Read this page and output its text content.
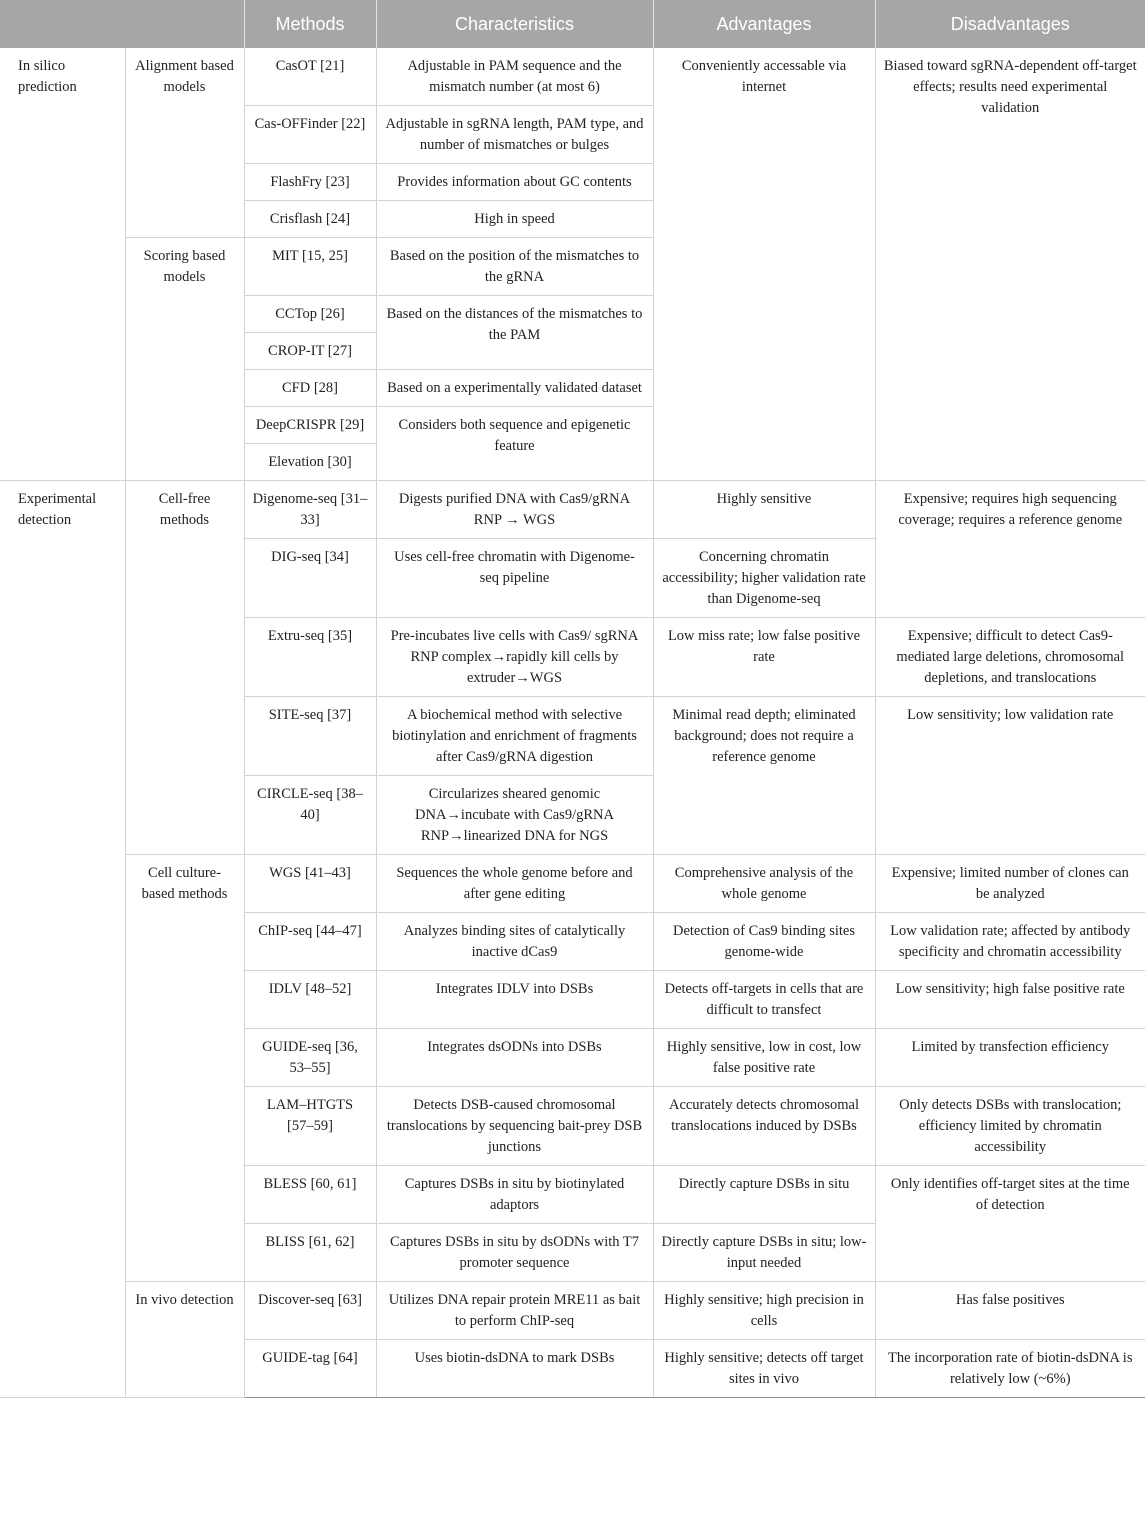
		Methods	Characteristics	Advantages	Disadvantages
In silico prediction	Alignment based models	CasOT [21]	Adjustable in PAM sequence and the mismatch number (at most 6)	Conveniently accessable via internet	Biased toward sgRNA-dependent off-target effects; results need experimental validation
		Cas-OFFinder [22]	Adjustable in sgRNA length, PAM type, and number of mismatches or bulges		
		FlashFry [23]	Provides information about GC contents		
		Crisflash [24]	High in speed		
	Scoring based models	MIT [15, 25]	Based on the position of the mismatches to the gRNA		
		CCTop [26]	Based on the distances of the mismatches to the PAM		
		CROP-IT [27]			
		CFD [28]	Based on a experimentally validated dataset		
		DeepCRISPR [29]	Considers both sequence and epigenetic feature		
		Elevation [30]			
Experimental detection	Cell-free methods	Digenome-seq [31–33]	Digests purified DNA with Cas9/gRNA RNP → WGS	Highly sensitive	Expensive; requires high sequencing coverage; requires a reference genome
		DIG-seq [34]	Uses cell-free chromatin with Digenome-seq pipeline	Concerning chromatin accessibility; higher validation rate than Digenome-seq	
		Extru-seq [35]	Pre-incubates live cells with Cas9/ sgRNA RNP complex→rapidly kill cells by extruder→WGS	Low miss rate; low false positive rate	Expensive; difficult to detect Cas9-mediated large deletions, chromosomal depletions, and translocations
		SITE-seq [37]	A biochemical method with selective biotinylation and enrichment of fragments after Cas9/gRNA digestion	Minimal read depth; eliminated background; does not require a reference genome	Low sensitivity; low validation rate
		CIRCLE-seq [38–40]	Circularizes sheared genomic DNA→incubate with Cas9/gRNA RNP→linearized DNA for NGS		
	Cell culture-based methods	WGS [41–43]	Sequences the whole genome before and after gene editing	Comprehensive analysis of the whole genome	Expensive; limited number of clones can be analyzed
		ChIP-seq [44–47]	Analyzes binding sites of catalytically inactive dCas9	Detection of Cas9 binding sites genome-wide	Low validation rate; affected by antibody specificity and chromatin accessibility
		IDLV [48–52]	Integrates IDLV into DSBs	Detects off-targets in cells that are difficult to transfect	Low sensitivity; high false positive rate
		GUIDE-seq [36, 53–55]	Integrates dsODNs into DSBs	Highly sensitive, low in cost, low false positive rate	Limited by transfection efficiency
		LAM–HTGTS [57–59]	Detects DSB-caused chromosomal translocations by sequencing bait-prey DSB junctions	Accurately detects chromosomal translocations induced by DSBs	Only detects DSBs with translocation; efficiency limited by chromatin accessibility
		BLESS [60, 61]	Captures DSBs in situ by biotinylated adaptors	Directly capture DSBs in situ	Only identifies off-target sites at the time of detection
		BLISS [61, 62]	Captures DSBs in situ by dsODNs with T7 promoter sequence	Directly capture DSBs in situ; low-input needed	
	In vivo detection	Discover-seq [63]	Utilizes DNA repair protein MRE11 as bait to perform ChIP-seq	Highly sensitive; high precision in cells	Has false positives
		GUIDE-tag [64]	Uses biotin-dsDNA to mark DSBs	Highly sensitive; detects off target sites in vivo	The incorporation rate of biotin-dsDNA is relatively low (~6%)
